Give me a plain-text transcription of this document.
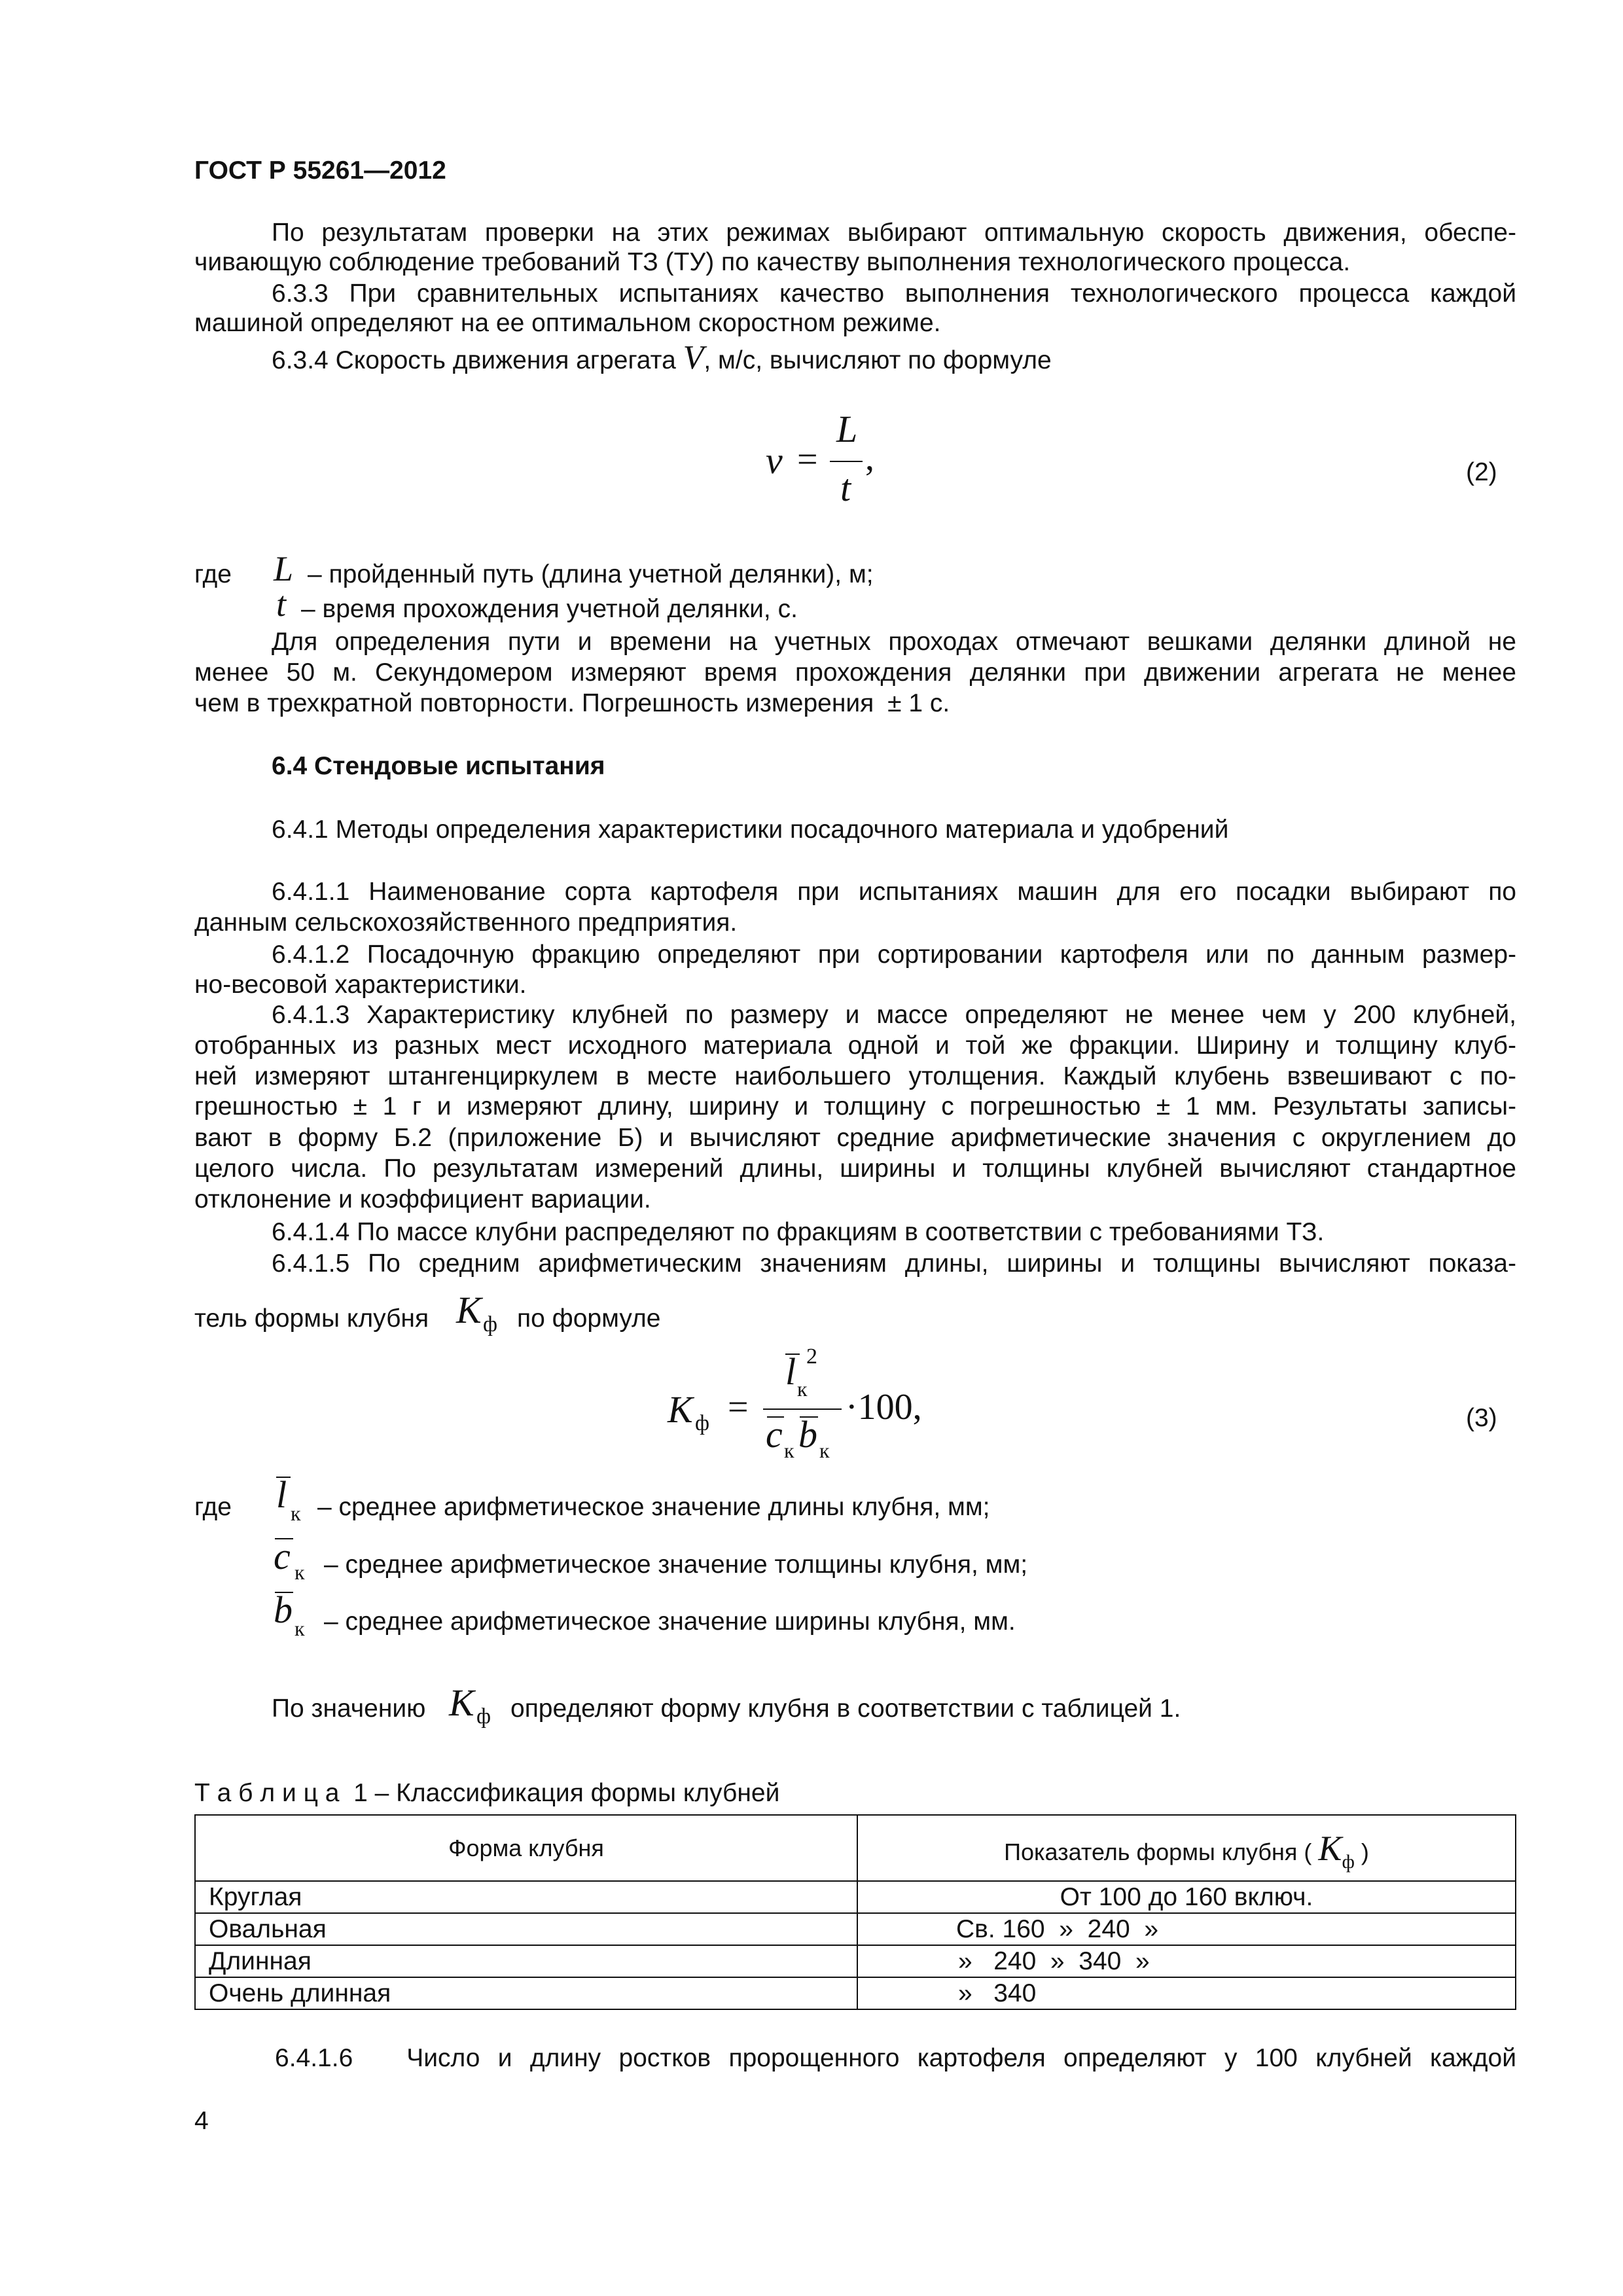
ГОСТ Р 55261—2012
По результатам проверки на этих режимах выбирают оптимальную скорость движения, обеспе-
чивающую соблюдение требований ТЗ (ТУ) по качеству выполнения технологического процесса.
6.3.3 При сравнительных испытаниях качество выполнения технологического процесса каждой
машиной определяют на ее оптимальном скоростном режиме.
6.3.4 Скорость движения агрегата V, м/с, вычисляют по формуле
v =
L
t
,	(2)
где L – пройденный путь (длина учетной делянки), м;
t – время прохождения учетной делянки, с.
Для определения пути и времени на учетных проходах отмечают вешками делянки длиной не
менее 50 м. Секундомером измеряют время прохождения делянки при движении агрегата не менее
чем в трехкратной повторности. Погрешность измерения ± 1 с.
6.4 Стендовые испытания
6.4.1 Методы определения характеристики посадочного материала и удобрений
6.4.1.1 Наименование сорта картофеля при испытаниях машин для его посадки выбирают по
данным сельскохозяйственного предприятия.
6.4.1.2 Посадочную фракцию определяют при сортировании картофеля или по данным размер-
но-весовой характеристики.
6.4.1.3 Характеристику клубней по размеру и массе определяют не менее чем у 200 клубней,
отобранных из разных мест исходного материала одной и той же фракции. Ширину и толщину клуб-
ней измеряют штангенциркулем в месте наибольшего утолщения. Каждый клубень взвешивают с по-
грешностью ± 1 г и измеряют длину, ширину и толщину с погрешностью ± 1 мм. Результаты записы-
вают в форму Б.2 (приложение Б) и вычисляют средние арифметические значения с округлением до
целого числа. По результатам измерений длины, ширины и толщины клубней вычисляют стандартное
отклонение и коэффициент вариации.
6.4.1.4 По массе клубни распределяют по фракциям в соответствии с требованиями ТЗ.
6.4.1.5 По средним арифметическим значениям длины, ширины и толщины вычисляют показа-
тель формы клубня K ф по формуле
K ф =
l к
2
c к b к
·100,	(3)
где l к – среднее арифметическое значение длины клубня, мм;
c к – среднее арифметическое значение толщины клубня, мм;
b к – среднее арифметическое значение ширины клубня, мм.
По значению K ф определяют форму клубня в соответствии с таблицей 1.
Т а б л и ц а  1 – Классификация формы клубней
Форма клубня	Показатель формы клубня ( $K_ф$ )
Круглая	От 100 до 160 включ.
Овальная	Св. 160  »  240  »
Длинная	»   240  »  340  »
Очень длинная	»   340
6.4.1.6   Число и длину ростков пророщенного картофеля определяют у 100 клубней каждой
4
